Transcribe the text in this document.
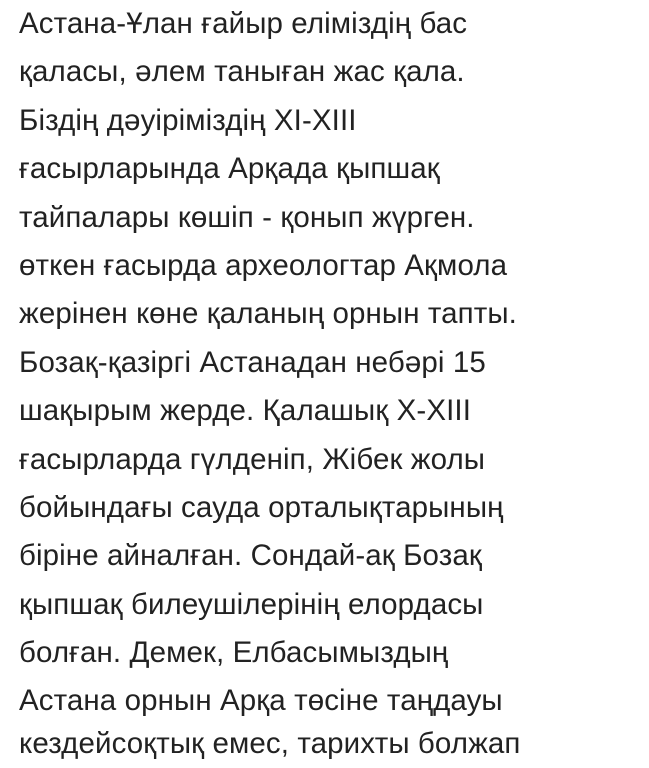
Астана-Ұлан ғайыр еліміздің бас
қаласы, әлем таныған жас қала.
Біздің дәуіріміздің XI-XIII
ғасырларында Арқада қыпшақ
тайпалары көшіп - қонып жүрген.
өткен ғасырда археологтар Ақмола
жерінен көне қаланың орнын тапты.
Бозақ-қазіргі Астанадан небәрі 15
шақырым жерде. Қалашық X-XIII
ғасырларда гүлденіп, Жібек жолы
бойындағы сауда орталықтарының
біріне айналған. Сондай-ақ Бозақ
қыпшақ билеушілерінің елордасы
болған. Демек, Елбасымыздың
Астана орнын Арқа төсіне таңдауы
кездейсоқтық емес, тарихты болжап
